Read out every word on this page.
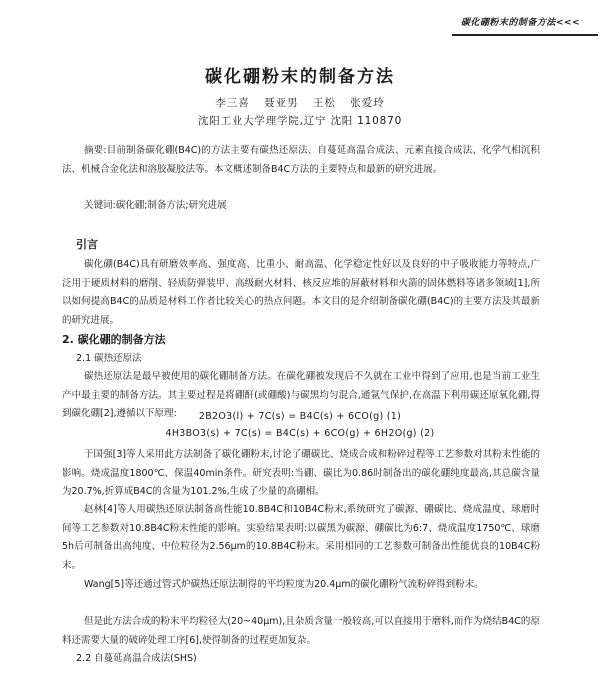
碳化硼粉末的制备方法<<<
碳化硼粉末的制备方法
李三喜 聂亚男 王松 张爱玲
沈阳工业大学理学院,辽宁 沈阳 110870
摘要:目前制备碳化硼(B4C)的方法主要有碳热还原法、自蔓延高温合成法、元素直接合成法、化学气相沉积法、机械合金化法和溶胶凝胶法等。本文概述制备B4C方法的主要特点和最新的研究进展。
关键词:碳化硼;制备方法;研究进展
引言
碳化硼(B4C)具有研磨效率高、强度高、比重小、耐高温、化学稳定性好以及良好的中子吸收能力等特点,广泛用于硬质材料的磨削、轻质防弹装甲、高级耐火材料、核反应堆的屏蔽材料和火箭的固体燃料等诸多领域[1],所以如何提高B4C的品质是材料工作者比较关心的热点问题。本文目的是介绍制备碳化硼(B4C)的主要方法及其最新的研究进展。
2. 碳化硼的制备方法
2.1 碳热还原法
碳热还原法是最早被使用的碳化硼制备方法。在碳化硼被发现后不久就在工业中得到了应用,也是当前工业生产中最主要的制备方法。其主要过程是将硼酐(或硼酸)与碳黑均匀混合,通氩气保护,在高温下利用碳还原氧化硼,得到碳化硼[2],遵循以下原理:	2B2O3(l) + 7C(s) = B4C(s) + 6CO(g) (1)
4H3BO3(s) + 7C(s) = B4C(s) + 6CO(g) + 6H2O(g) (2)
于国强[3]等人采用此方法制备了碳化硼粉末,讨论了硼碳比、烧成合成和粉碎过程等工艺参数对其粉末性能的影响。烧成温度1800℃、保温40min条件。研究表明:当硼、碳比为0.86时制备出的碳化硼纯度最高,其总碳含量为20.7%,折算成B4C的含量为101.2%,生成了少量的高硼相。
赵林[4]等人用碳热还原法制备高性能10.8B4C和10B4C粉末,系统研究了碳源、硼碳比、烧成温度、球磨时间等工艺参数对10.8B4C粉末性能的影响。实验结果表明:以碳黑为碳源、硼碳比为6:7、烧成温度1750℃、球磨5h后可制备出高纯度、中位粒径为2.56μm的10.8B4C粉末。采用相同的工艺参数可制备出性能优良的10B4C粉末。
Wang[5]等还通过管式炉碳热还原法制得的平均粒度为20.4μm的碳化硼粉气流粉碎得到粉末。
但是此方法合成的粉末平均粒径大(20~40μm),且杂质含量一般较高,可以直接用于磨料,而作为烧结B4C的原料还需要大量的破碎处理工序[6],使得制备的过程更加复杂。
2.2 自蔓延高温合成法(SHS)
